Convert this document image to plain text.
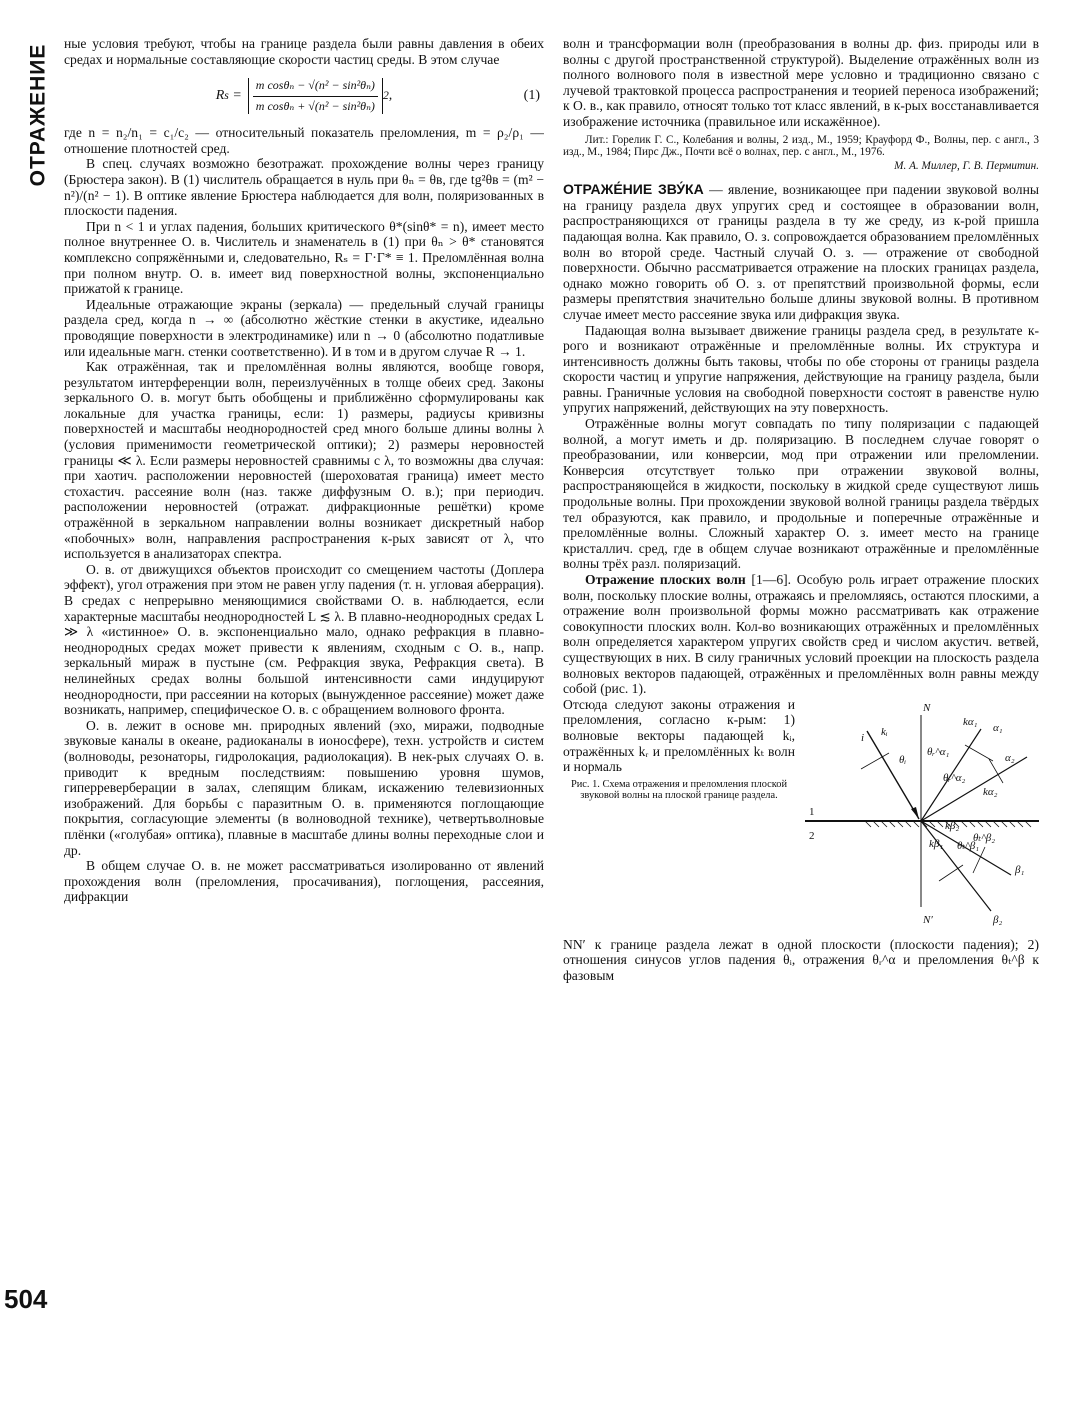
ОТРАЖЕНИЕ
504

ные условия требуют, чтобы на границе раздела были равны давления в обеих средах и нормальные составляющие скорости частиц среды. В этом случае

R $s = \frac{\text{m cosθₙ − √(n² − sin²θₙ)}}{\text{m cosθₙ + √(n² − sin²θₙ)}} 2$ ,	(1)

где n = n₂/n₁ = c₁/c₂ — относительный показатель преломления, m = ρ₂/ρ₁ — отношение плотностей сред.

В спец. случаях возможно безотражат. прохождение волны через границу (Брюстера закон). В (1) числитель обращается в нуль при θₙ = θʙ, где tg²θʙ = (m² − n²)/(n² − 1). В оптике явление Брюстера наблюдается для волн, поляризованных в плоскости падения.

При n < 1 и углах падения, больших критического θ*(sinθ* = n), имеет место полное внутреннее О. в. Числитель и знаменатель в (1) при θₙ > θ* становятся комплексно сопряжёнными и, следовательно, Rₛ = Г·Г* ≡ 1. Преломлённая волна при полном внутр. О. в. имеет вид поверхностной волны, экспоненциально прижатой к границе.

Идеальные отражающие экраны (зеркала) — предельный случай границы раздела сред, когда n → ∞ (абсолютно жёсткие стенки в акустике, идеально проводящие поверхности в электродинамике) или n → 0 (абсолютно податливые или идеальные магн. стенки соответственно). И в том и в другом случае R → 1.

Как отражённая, так и преломлённая волны являются, вообще говоря, результатом интерференции волн, переизлучённых в толще обеих сред. Законы зеркального О. в. могут быть обобщены и приближённо сформулированы как локальные для участка границы, если: 1) размеры, радиусы кривизны поверхностей и масштабы неоднородностей сред много больше длины волны λ (условия применимости геометрической оптики); 2) размеры неровностей границы ≪ λ. Если размеры неровностей сравнимы с λ, то возможны два случая: при хаотич. расположении неровностей (шероховатая граница) имеет место стохастич. рассеяние волн (наз. также диффузным О. в.); при периодич. расположении неровностей (отражат. дифракционные решётки) кроме отражённой в зеркальном направлении волны возникает дискретный набор «побочных» волн, направления распространения к-рых зависят от λ, что используется в анализаторах спектра.

О. в. от движущихся объектов происходит со смещением частоты (Доплера эффект), угол отражения при этом не равен углу падения (т. н. угловая аберрация). В средах с непрерывно меняющимися свойствами О. в. наблюдается, если характерные масштабы неоднородностей L ≲ λ. В плавно-неоднородных средах L ≫ λ «истинное» О. в. экспоненциально мало, однако рефракция в плавно-неоднородных средах может привести к явлениям, сходным с О. в., напр. зеркальный мираж в пустыне (см. Рефракция звука, Рефракция света). В нелинейных средах волны большой интенсивности сами индуцируют неоднородности, при рассеянии на которых (вынужденное рассеяние) может даже возникать, например, специфическое О. в. с обращением волнового фронта.

О. в. лежит в основе мн. природных явлений (эхо, миражи, подводные звуковые каналы в океане, радиоканалы в ионосфере), техн. устройств и систем (волноводы, резонаторы, гидролокация, радиолокация). В нек-рых случаях О. в. приводит к вредным последствиям: повышению уровня шумов, гиперреверберации в залах, слепящим бликам, искажению телевизионных изображений. Для борьбы с паразитным О. в. применяются поглощающие покрытия, согласующие элементы (в волноводной технике), четвертьволновые плёнки («голубая» оптика), плавные в масштабе длины волны переходные слои и др.

В общем случае О. в. не может рассматриваться изолированно от явлений прохождения волн (преломления, просачивания), поглощения, рассеяния, дифракции

волн и трансформации волн (преобразования в волны др. физ. природы или в волны с другой пространственной структурой). Выделение отражённых волн из полного волнового поля в известной мере условно и традиционно связано с лучевой трактовкой процесса распространения и теорией переноса изображений; к О. в., как правило, относят только тот класс явлений, в к-рых восстанавливается изображение источника (правильное или искажённое).

Лит.: Горелик Г. С., Колебания и волны, 2 изд., М., 1959; Крауфорд Ф., Волны, пер. с англ., 3 изд., М., 1984; Пирс Дж., Почти всё о волнах, пер. с англ., М., 1976.

М. А. Миллер, Г. В. Пермитин.

ОТРАЖЕ́НИЕ ЗВУ́КА — явление, возникающее при падении звуковой волны на границу раздела двух упругих сред и состоящее в образовании волн, распространяющихся от границы раздела в ту же среду, из к-рой пришла падающая волна. Как правило, О. з. сопровождается образованием преломлённых волн во второй среде. Частный случай О. з. — отражение от свободной поверхности. Обычно рассматривается отражение на плоских границах раздела, однако можно говорить об О. з. от препятствий произвольной формы, если размеры препятствия значительно больше длины звуковой волны. В противном случае имеет место рассеяние звука или дифракция звука.

Падающая волна вызывает движение границы раздела сред, в результате к-рого и возникают отражённые и преломлённые волны. Их структура и интенсивность должны быть таковы, чтобы по обе стороны от границы раздела скорости частиц и упругие напряжения, действующие на границу раздела, были равны. Граничные условия на свободной поверхности состоят в равенстве нулю упругих напряжений, действующих на эту поверхность.

Отражённые волны могут совпадать по типу поляризации с падающей волной, а могут иметь и др. поляризацию. В последнем случае говорят о преобразовании, или конверсии, мод при отражении или преломлении. Конверсия отсутствует только при отражении звуковой волны, распространяющейся в жидкости, поскольку в жидкой среде существуют лишь продольные волны. При прохождении звуковой волной границы раздела твёрдых тел образуются, как правило, и продольные и поперечные отражённые и преломлённые волны. Сложный характер О. з. имеет место на границе кристаллич. сред, где в общем случае возникают отражённые и преломлённые волны трёх разл. поляризаций.

Отражение плоских волн [1—6]. Особую роль играет отражение плоских волн, поскольку плоские волны, отражаясь и преломляясь, остаются плоскими, а отражение волн произвольной формы можно рассматривать как отражение совокупности плоских волн. Кол-во возникающих отражённых и преломлённых волн определяется характером упругих свойств сред и числом акустич. ветвей, существующих в них. В силу граничных условий проекции на плоскость раздела волновых векторов падающей, отражённых и преломлённых волн равны между собой (рис. 1).

Отсюда следуют законы отражения и преломления, согласно к-рым: 1) волновые векторы падающей kᵢ, отражённых kᵣ и преломлённых kₜ волн и нормаль

Рис. 1. Схема отражения и преломления плоской звуковой волны на плоской границе раздела.
N
N′
i kᵢ
θᵢ
kα₁ α₁
α₂
kα₂
θᵣ^α₁
θᵣ^α₂
kβ₁
kβ₂
θₜ^β₁
θₜ^β₂
β₁
β₂
1
2

NN′ к границе раздела лежат в одной плоскости (плоскости падения); 2) отношения синусов углов падения θᵢ, отражения θᵣ^α и преломления θₜ^β к фазовым
